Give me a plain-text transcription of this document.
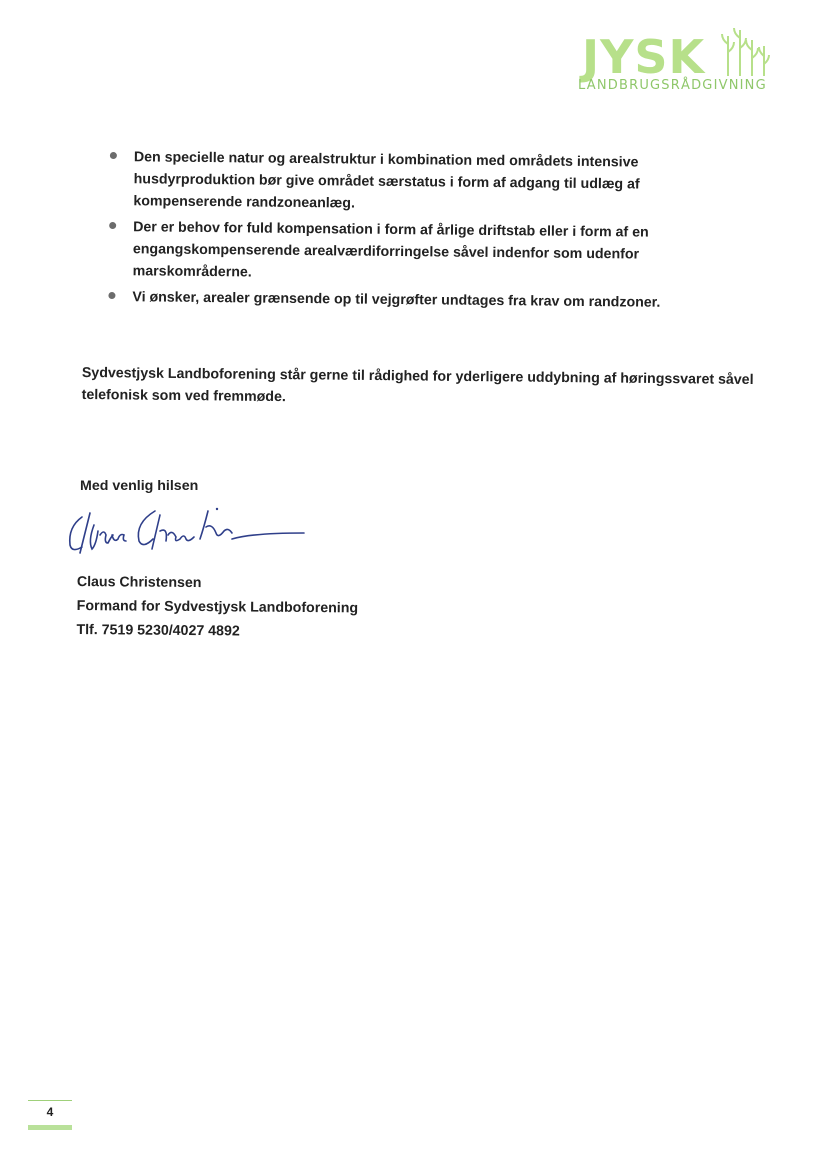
JYSK
LANDBRUGSRÅDGIVNING
Den specielle natur og arealstruktur i kombination med områdets intensive husdyrproduktion bør give området særstatus i form af adgang til udlæg af kompenserende randzoneanlæg.
Der er behov for fuld kompensation i form af årlige driftstab eller i form af en engangskompenserende arealværdiforringelse såvel indenfor som udenfor marskområderne.
Vi ønsker, arealer grænsende op til vejgrøfter undtages fra krav om randzoner.
Sydvestjysk Landboforening står gerne til rådighed for yderligere uddybning af høringssvaret såvel telefonisk som ved fremmøde.
Med venlig hilsen
Claus Christensen
Formand for Sydvestjysk Landboforening
Tlf. 7519 5230/4027 4892
4
